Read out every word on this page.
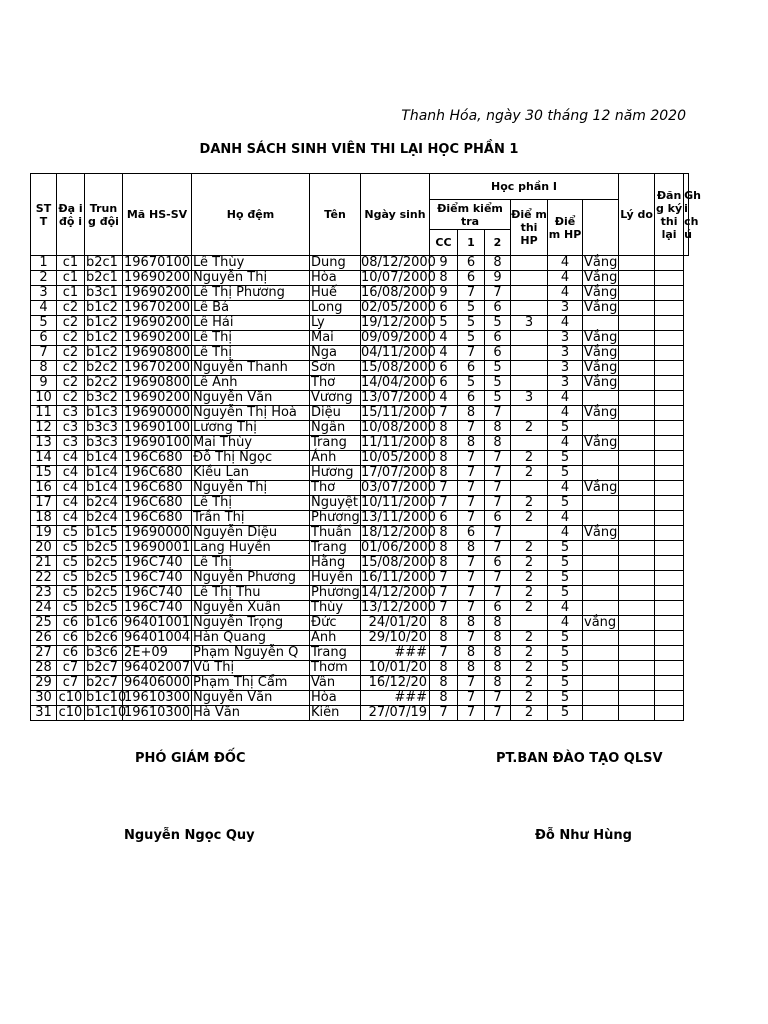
Thanh Hóa, ngày 30 tháng 12 năm 2020
DANH SÁCH SINH VIÊN THI LẠI HỌC PHẦN 1
ST T	Đạ i độ i	Trun g đội	Mã HS-SV	Họ đệm	Tên	Ngày sinh	Học phần I						Lý do	Đăn g ký thi lại	Gh i ch ú
							Điểm kiểm tra			Điể m thi HP	Điể m HP				
							CC	1	2						
1	c1	b2c1	19670100	Lê Thùy	Dung	08/12/2000	9	6	8		4	Vắng			
2	c1	b2c1	19690200	Nguyễn Thị	Hòa	10/07/2000	8	6	9		4	Vắng			
3	c1	b3c1	19690200	Lê Thị Phương	Huế	16/08/2000	9	7	7		4	Vắng			
4	c2	b1c2	19670200	Lê Bá	Long	02/05/2000	6	5	6		3	Vắng			
5	c2	b1c2	19690200	Lê Hải	Ly	19/12/2000	5	5	5	3	4				
6	c2	b1c2	19690200	Lê Thị	Mai	09/09/2000	4	5	6		3	Vắng			
7	c2	b1c2	19690800	Lê Thị	Nga	04/11/2000	4	7	6		3	Vắng			
8	c2	b2c2	19670200	Nguyễn Thanh	Sơn	15/08/2000	6	6	5		3	Vắng			
9	c2	b2c2	19690800	Lê Anh	Thơ	14/04/2000	6	5	5		3	Vắng			
10	c2	b3c2	19690200	Nguyễn Văn	Vương	13/07/2000	4	6	5	3	4				
11	c3	b1c3	19690000	Nguyễn Thị Hoà	Diệu	15/11/2000	7	8	7		4	Vắng			
12	c3	b3c3	19690100	Lương Thị	Ngân	10/08/2000	8	7	8	2	5				
13	c3	b3c3	19690100	Mai Thùy	Trang	11/11/2000	8	8	8		4	Vắng			
14	c4	b1c4	196C680	Đỗ Thị Ngọc	Ánh	10/05/2000	8	7	7	2	5				
15	c4	b1c4	196C680	Kiều Lan	Hương	17/07/2000	8	7	7	2	5				
16	c4	b1c4	196C680	Nguyễn Thị	Thơ	03/07/2000	7	7	7		4	Vắng			
17	c4	b2c4	196C680	Lê Thị	Nguyệt	10/11/2000	7	7	7	2	5				
18	c4	b2c4	196C680	Trần Thị	Phương	13/11/2000	6	7	6	2	4				
19	c5	b1c5	19690000	Nguyễn Diệu	Thuần	18/12/2000	8	6	7		4	Vắng			
20	c5	b2c5	19690001	Lang Huyền	Trang	01/06/2000	8	8	7	2	5				
21	c5	b2c5	196C740	Lê Thị	Hằng	15/08/2000	8	7	6	2	5				
22	c5	b2c5	196C740	Nguyễn Phương	Huyền	16/11/2000	7	7	7	2	5				
23	c5	b2c5	196C740	Lê Thị Thu	Phương	14/12/2000	7	7	7	2	5				
24	c5	b2c5	196C740	Nguyễn Xuân	Thùy	13/12/2000	7	7	6	2	4				
25	c6	b1c6	96401001	Nguyễn Trọng	Đức	24/01/20	8	8	8		4	vắng			
26	c6	b2c6	96401004	Hàn Quang	Anh	29/10/20	8	7	8	2	5				
27	c6	b3c6	2E+09	Phạm Nguyễn Q	Trang	###	7	8	8	2	5				
28	c7	b2c7	96402007	Vũ Thị	Thơm	10/01/20	8	8	8	2	5				
29	c7	b2c7	96406000	Phạm Thị Cẩm	Vân	16/12/20	8	7	8	2	5				
30	c10	b1c10	19610300	Nguyễn Văn	Hòa	###	8	7	7	2	5				
31	c10	b1c10	19610300	Hà Văn	Kiên	27/07/19	7	7	7	2	5				
PHÓ GIÁM ĐỐC	PT.BAN ĐÀO TẠO QLSV
Nguyễn Ngọc Quy	Đỗ Như Hùng
